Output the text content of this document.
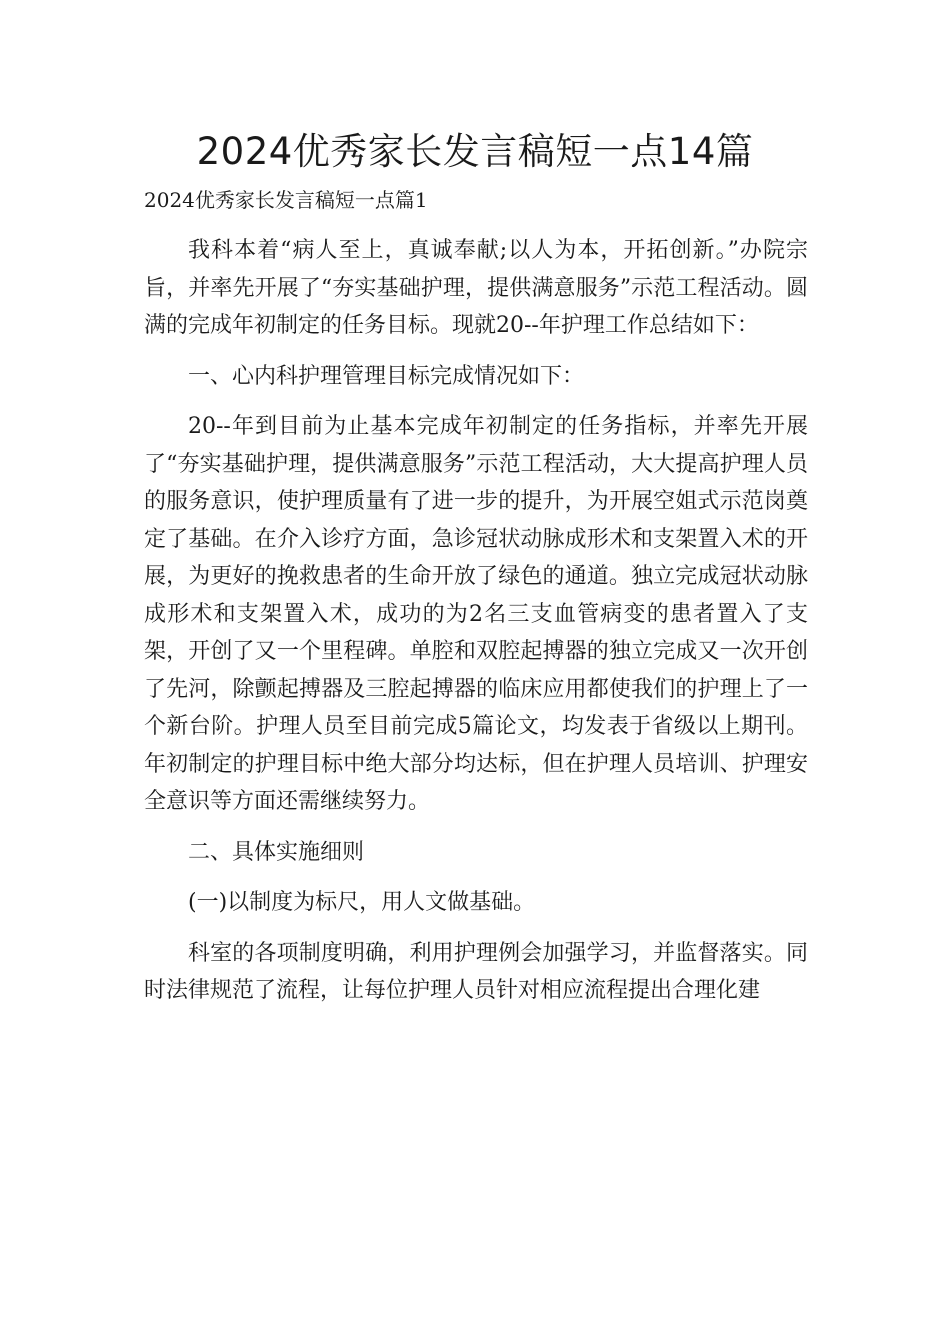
2024优秀家长发言稿短一点14篇

2024优秀家长发言稿短一点篇1

我科本着“病人至上，真诚奉献;以人为本，开拓创新。”办院宗旨，并率先开展了“夯实基础护理，提供满意服务”示范工程活动。圆满的完成年初制定的任务目标。现就20--年护理工作总结如下：

一、心内科护理管理目标完成情况如下：

20--年到目前为止基本完成年初制定的任务指标，并率先开展了“夯实基础护理，提供满意服务”示范工程活动，大大提高护理人员的服务意识，使护理质量有了进一步的提升，为开展空姐式示范岗奠定了基础。在介入诊疗方面，急诊冠状动脉成形术和支架置入术的开展，为更好的挽救患者的生命开放了绿色的通道。独立完成冠状动脉成形术和支架置入术，成功的为2名三支血管病变的患者置入了支架，开创了又一个里程碑。单腔和双腔起搏器的独立完成又一次开创了先河，除颤起搏器及三腔起搏器的临床应用都使我们的护理上了一个新台阶。护理人员至目前完成5篇论文，均发表于省级以上期刊。年初制定的护理目标中绝大部分均达标，但在护理人员培训、护理安全意识等方面还需继续努力。

二、具体实施细则

(一)以制度为标尺，用人文做基础。

科室的各项制度明确，利用护理例会加强学习，并监督落实。同时法律规范了流程，让每位护理人员针对相应流程提出合理化建
